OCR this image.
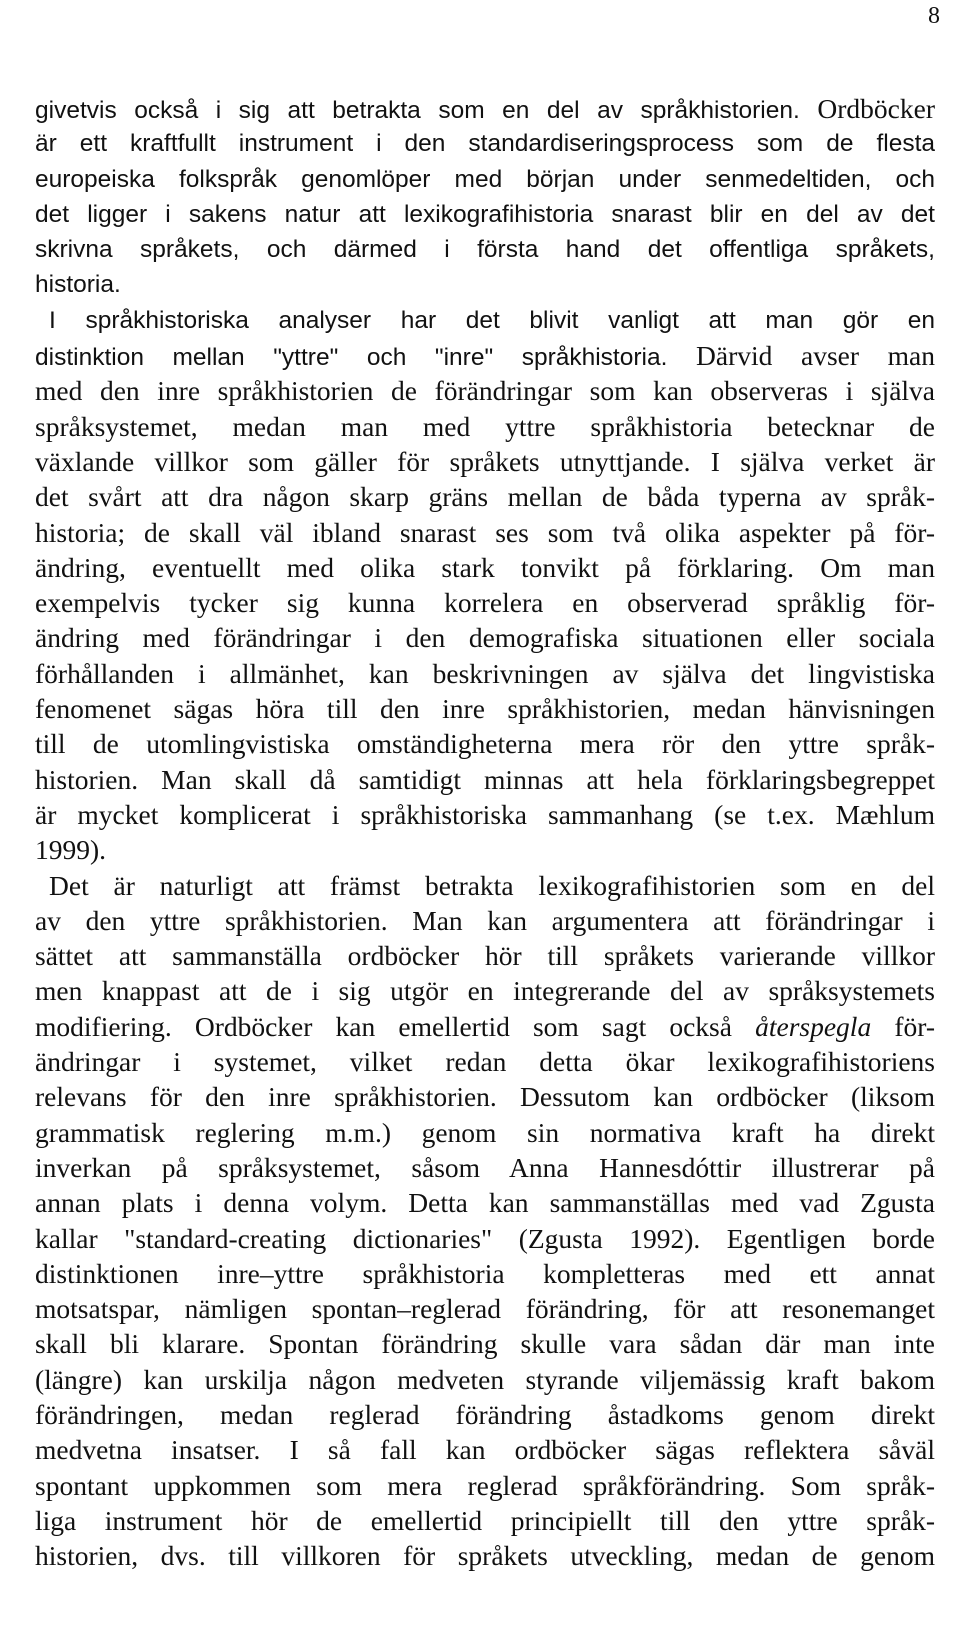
8
givetvis också i sig att betrakta som en del av språkhistorien. Ordböcker
är ett kraftfullt instrument i den standardiseringsprocess som de flesta
europeiska folkspråk genomlöper med början under senmedeltiden, och
det ligger i sakens natur att lexikografihistoria snarast blir en del av det
skrivna språkets, och därmed i första hand det offentliga språkets,
historia.
I språkhistoriska analyser har det blivit vanligt att man gör en
distinktion mellan "yttre" och "inre" språkhistoria. Därvid avser man
med den inre språkhistorien de förändringar som kan observeras i själva
språksystemet, medan man med yttre språkhistoria betecknar de
växlande villkor som gäller för språkets utnyttjande. I själva verket är
det svårt att dra någon skarp gräns mellan de båda typerna av språk-
historia; de skall väl ibland snarast ses som två olika aspekter på för-
ändring, eventuellt med olika stark tonvikt på förklaring. Om man
exempelvis tycker sig kunna korrelera en observerad språklig för-
ändring med förändringar i den demografiska situationen eller sociala
förhållanden i allmänhet, kan beskrivningen av själva det lingvistiska
fenomenet sägas höra till den inre språkhistorien, medan hänvisningen
till de utomlingvistiska omständigheterna mera rör den yttre språk-
historien. Man skall då samtidigt minnas att hela förklaringsbegreppet
är mycket komplicerat i språkhistoriska sammanhang (se t.ex. Mæhlum
1999).
Det är naturligt att främst betrakta lexikografihistorien som en del
av den yttre språkhistorien. Man kan argumentera att förändringar i
sättet att sammanställa ordböcker hör till språkets varierande villkor
men knappast att de i sig utgör en integrerande del av språksystemets
modifiering. Ordböcker kan emellertid som sagt också återspegla för-
ändringar i systemet, vilket redan detta ökar lexikografihistoriens
relevans för den inre språkhistorien. Dessutom kan ordböcker (liksom
grammatisk reglering m.m.) genom sin normativa kraft ha direkt
inverkan på språksystemet, såsom Anna Hannesdóttir illustrerar på
annan plats i denna volym. Detta kan sammanställas med vad Zgusta
kallar "standard-creating dictionaries" (Zgusta 1992). Egentligen borde
distinktionen inre–yttre språkhistoria kompletteras med ett annat
motsatspar, nämligen spontan–reglerad förändring, för att resonemanget
skall bli klarare. Spontan förändring skulle vara sådan där man inte
(längre) kan urskilja någon medveten styrande viljemässig kraft bakom
förändringen, medan reglerad förändring åstadkoms genom direkt
medvetna insatser. I så fall kan ordböcker sägas reflektera såväl
spontant uppkommen som mera reglerad språkförändring. Som språk-
liga instrument hör de emellertid principiellt till den yttre språk-
historien, dvs. till villkoren för språkets utveckling, medan de genom
